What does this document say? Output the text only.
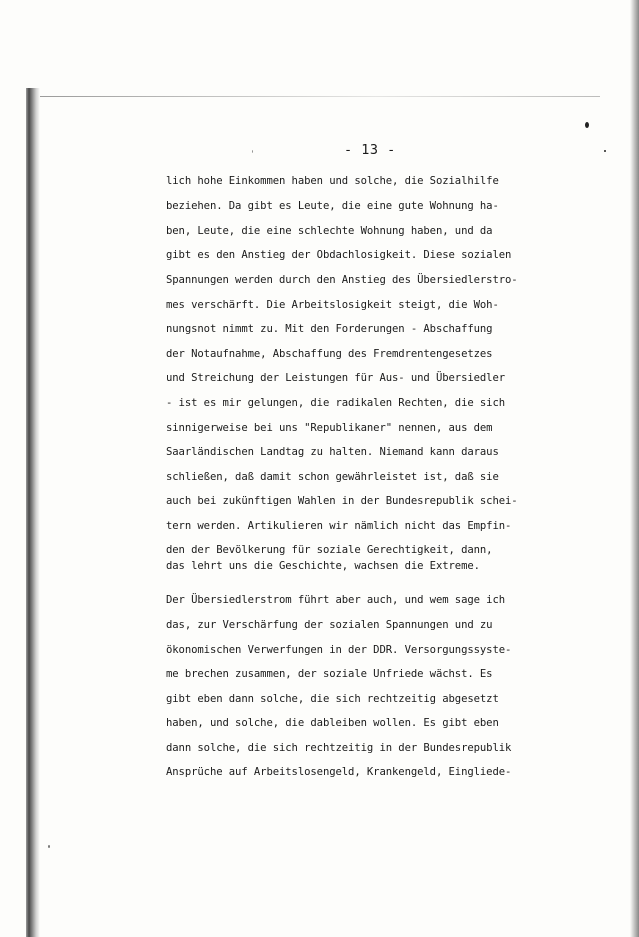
- 13 -
lich hohe Einkommen haben und solche, die Sozialhilfe
beziehen. Da gibt es Leute, die eine gute Wohnung ha-
ben, Leute, die eine schlechte Wohnung haben, und da
gibt es den Anstieg der Obdachlosigkeit. Diese sozialen
Spannungen werden durch den Anstieg des Übersiedlerstro-
mes verschärft. Die Arbeitslosigkeit steigt, die Woh-
nungsnot nimmt zu. Mit den Forderungen - Abschaffung
der Notaufnahme, Abschaffung des Fremdrentengesetzes
und Streichung der Leistungen für Aus- und Übersiedler
- ist es mir gelungen, die radikalen Rechten, die sich
sinnigerweise bei uns "Republikaner" nennen, aus dem
Saarländischen Landtag zu halten. Niemand kann daraus
schließen, daß damit schon gewährleistet ist, daß sie
auch bei zukünftigen Wahlen in der Bundesrepublik schei-
tern werden. Artikulieren wir nämlich nicht das Empfin-
den der Bevölkerung für soziale Gerechtigkeit, dann,
das lehrt uns die Geschichte, wachsen die Extreme.
Der Übersiedlerstrom führt aber auch, und wem sage ich
das, zur Verschärfung der sozialen Spannungen und zu
ökonomischen Verwerfungen in der DDR. Versorgungssyste-
me brechen zusammen, der soziale Unfriede wächst. Es
gibt eben dann solche, die sich rechtzeitig abgesetzt
haben, und solche, die dableiben wollen. Es gibt eben
dann solche, die sich rechtzeitig in der Bundesrepublik
Ansprüche auf Arbeitslosengeld, Krankengeld, Eingliede-
